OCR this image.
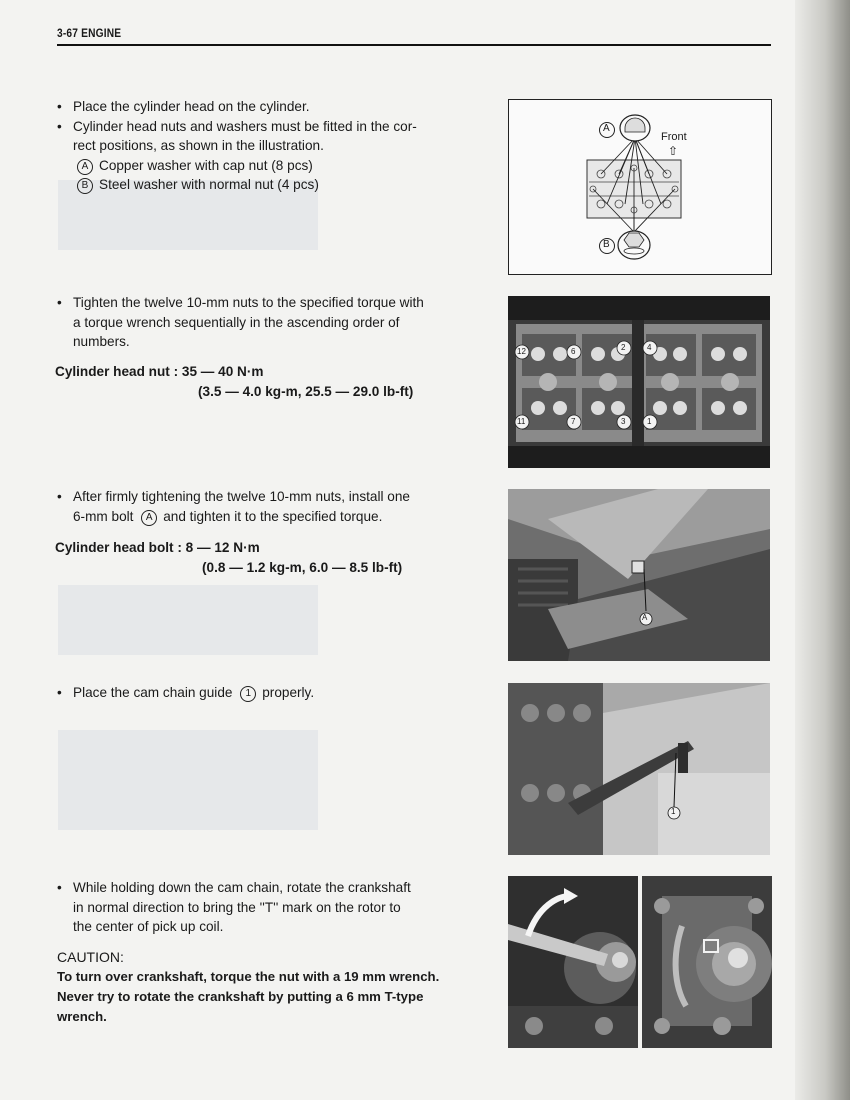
3-67 ENGINE
• Place the cylinder head on the cylinder.
• Cylinder head nuts and washers must be fitted in the cor-
rect positions, as shown in the illustration.
A Copper washer with cap nut (8 pcs)
B Steel washer with normal nut (4 pcs)
A
B
Front
⇧
• Tighten the twelve 10-mm nuts to the specified torque with
a torque wrench sequentially in the ascending order of
numbers.
Cylinder head nut : 35 — 40 N·m
(3.5 — 4.0 kg-m, 25.5 — 29.0 lb-ft)
12	6	2	4
11	7	3	1
• After firmly tightening the twelve 10-mm nuts, install one
6-mm bolt A and tighten it to the specified torque.
Cylinder head bolt : 8 — 12 N·m
(0.8 — 1.2 kg-m, 6.0 — 8.5 lb-ft)
A
• Place the cam chain guide 1 properly.
1
• While holding down the cam chain, rotate the crankshaft
in normal direction to bring the ''T'' mark on the rotor to
the center of pick up coil.
CAUTION:
To turn over crankshaft, torque the nut with a 19 mm wrench.
Never try to rotate the crankshaft by putting a 6 mm T-type
wrench.
